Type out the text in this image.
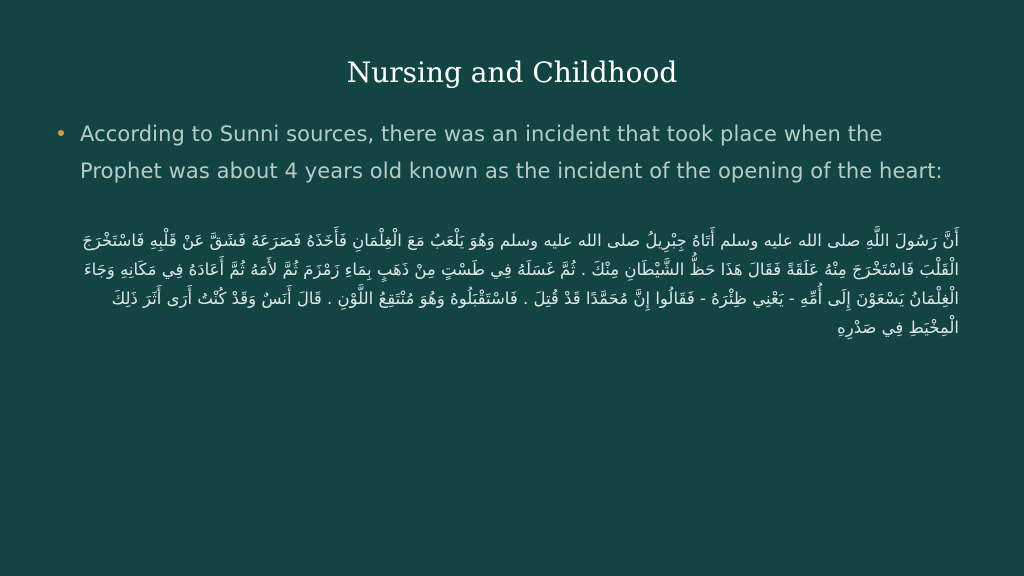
Nursing and Childhood
According to Sunni sources, there was an incident that took place when the Prophet was about 4 years old known as the incident of the opening of the heart:
أَنَّ رَسُولَ اللَّهِ صلى الله عليه وسلم أَتَاهُ جِبْرِيلُ صلى الله عليه وسلم وَهُوَ يَلْعَبُ مَعَ الْغِلْمَانِ فَأَخَذَهُ فَصَرَعَهُ فَشَقَّ عَنْ قَلْبِهِ فَاسْتَخْرَجَ الْقَلْبَ فَاسْتَخْرَجَ مِنْهُ عَلَقَةً فَقَالَ هَذَا حَظُّ الشَّيْطَانِ مِنْكَ . ثُمَّ غَسَلَهُ فِي طَسْتٍ مِنْ ذَهَبٍ بِمَاءِ زَمْزَمَ ثُمَّ لأَمَهُ ثُمَّ أَعَادَهُ فِي مَكَانِهِ وَجَاءَ الْغِلْمَانُ يَسْعَوْنَ إِلَى أُمِّهِ - يَعْنِي ظِئْرَهُ - فَقَالُوا إِنَّ مُحَمَّدًا قَدْ قُتِلَ . فَاسْتَقْبَلُوهُ وَهُوَ مُنْتَقِعُ اللَّوْنِ . قَالَ أَنَسٌ وَقَدْ كُنْتُ أَرَى أَثَرَ ذَلِكَ الْمِخْيَطِ فِي صَدْرِهِ
